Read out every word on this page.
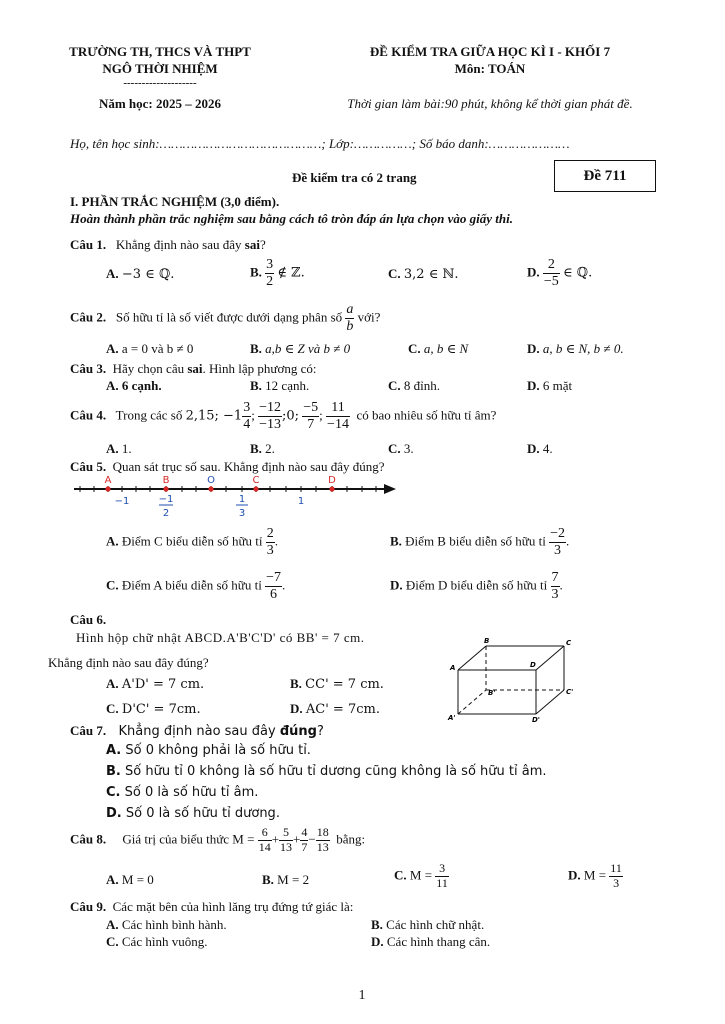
TRƯỜNG TH, THCS VÀ THPT
NGÔ THỜI NHIỆM
--------------------
Năm học: 2025 – 2026
ĐỀ KIỂM TRA GIỮA HỌC KÌ I - KHỐI 7
Môn: TOÁN
Thời gian làm bài:90 phút, không kể thời gian phát đề.
Họ, tên học sinh:……………………………………; Lớp:……………; Số báo danh:…………………
Đề kiểm tra có 2 trang	Đề 711
I. PHẦN TRẮC NGHIỆM (3,0 điểm).
Hoàn thành phần trắc nghiệm sau bằng cách tô tròn đáp án lựa chọn vào giấy thi.
Câu 1. Khẳng định nào sau đây sai?
A. −3 ∈ ℚ.	B. $\frac{3}{2}$ ∉ ℤ.	C. 3,2 ∈ ℕ.	D. $\frac{2}{-5}$ ∈ ℚ.
Câu 2. Số hữu tỉ là số viết được dưới dạng phân số $\frac{a}{b}$ với?
A. a = 0 và b ≠ 0	B. a,b ∈ Z và b ≠ 0	C. a, b ∈ N	D. a, b ∈ N, b ≠ 0.
Câu 3. Hãy chọn câu sai. Hình lập phương có:
A. 6 cạnh.	B. 12 cạnh.	C. 8 đỉnh.	D. 6 mặt
Câu 4. Trong các số 2,15; $-1 \frac{3}{4}$ ; $\frac{-12}{-13}$ ;0; $\frac{-5}{7}$ ; $\frac{11}{-14}$ có bao nhiêu số hữu tỉ âm?
A. 1.	B. 2.	C. 3.	D. 4.
Câu 5. Quan sát trục số sau. Khẳng định nào sau đây đúng?
A	B	O	C	D
−1	−1
2
1
3
1
A. Điểm C biểu diễn số hữu tỉ $\frac{2}{3}$ .	B. Điểm B biểu diễn số hữu tỉ $\frac{-2}{3}$ .
C. Điểm A biểu diễn số hữu tỉ $\frac{-7}{6}$ .	D. Điểm D biểu diễn số hữu tỉ $\frac{7}{3}$ .
Câu 6.
Hình hộp chữ nhật ABCD.A'B'C'D' có BB' = 7 cm.
Khẳng định nào sau đây đúng?
A. A'D' = 7 cm.	B. CC' = 7 cm.
C. D'C' = 7cm.	D. AC' = 7cm.
B	C
A	D
B'	C'
A'	D'
Câu 7. Khẳng định nào sau đây đúng?
A. Số 0 không phải là số hữu tỉ.
B. Số hữu tỉ 0 không là số hữu tỉ dương cũng không là số hữu tỉ âm.
C. Số 0 là số hữu tỉ âm.
D. Số 0 là số hữu tỉ dương.
Câu 8. Giá trị của biểu thức $M = \frac{6}{14} + \frac{5}{13} + \frac{4}{7} - \frac{18}{13}$ bằng:
A. M = 0	B. M = 2	C. $M = \frac{3}{11}$	D. $M = \frac{11}{3}$
Câu 9. Các mặt bên của hình lăng trụ đứng tứ giác là:
A. Các hình bình hành.	B. Các hình chữ nhật.
C. Các hình vuông.	D. Các hình thang cân.
1
